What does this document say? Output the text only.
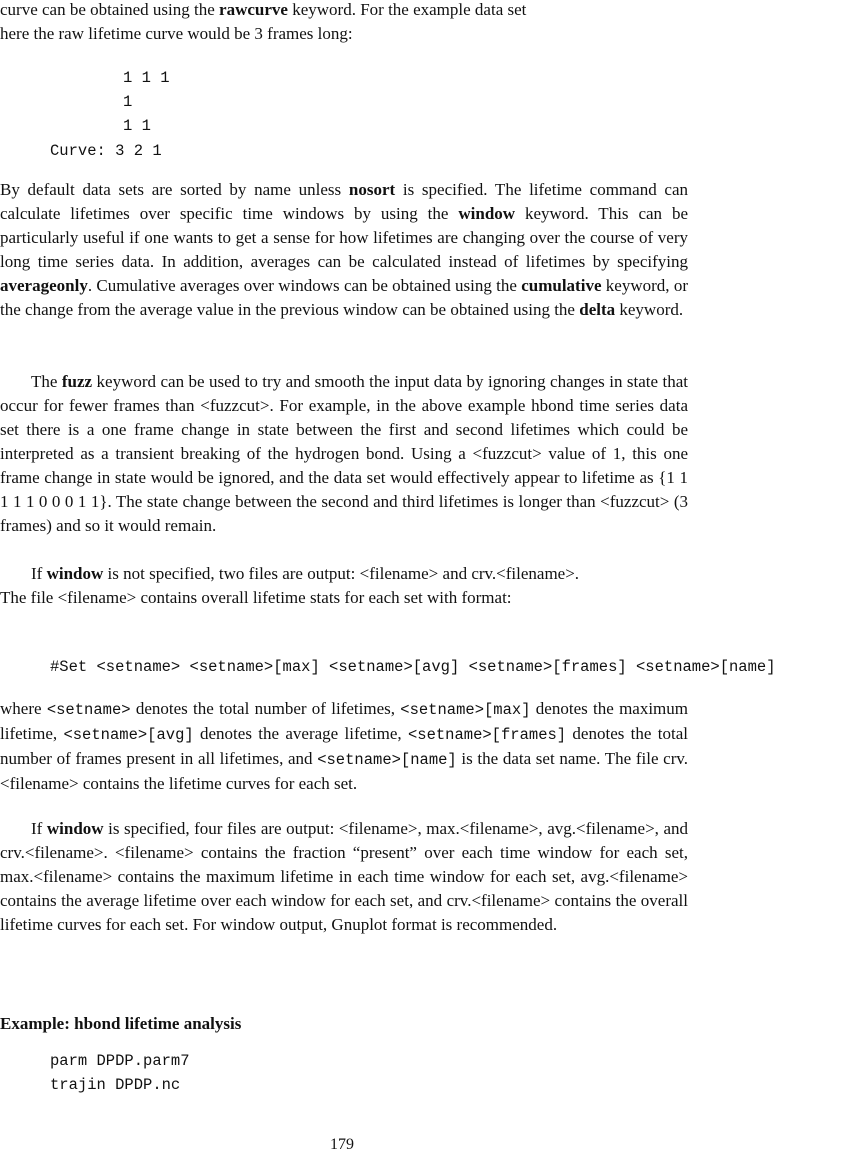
curve can be obtained using the rawcurve keyword. For the example data set
here the raw lifetime curve would be 3 frames long:
1 1 1
1
1 1
Curve: 3 2 1
By default data sets are sorted by name unless nosort is specified. The lifetime command can calculate lifetimes over specific time windows by using the window keyword. This can be particularly useful if one wants to get a sense for how lifetimes are changing over the course of very long time series data. In addition, averages can be calculated instead of lifetimes by specifying averageonly. Cumulative averages over windows can be obtained using the cumulative keyword, or the change from the average value in the previous window can be obtained using the delta keyword.
The fuzz keyword can be used to try and smooth the input data by ignoring changes in state that occur for fewer frames than <fuzzcut>. For example, in the above example hbond time series data set there is a one frame change in state between the first and second lifetimes which could be interpreted as a transient breaking of the hydrogen bond. Using a <fuzzcut> value of 1, this one frame change in state would be ignored, and the data set would effectively appear to lifetime as {1 1 1 1 1 0 0 0 1 1}. The state change between the second and third lifetimes is longer than <fuzzcut> (3 frames) and so it would remain.
If window is not specified, two files are output: <filename> and crv.<filename>.
The file <filename> contains overall lifetime stats for each set with format:
#Set <setname> <setname>[max] <setname>[avg] <setname>[frames] <setname>[name]
where <setname> denotes the total number of lifetimes, <setname>[max] denotes the maximum lifetime, <setname>[avg] denotes the average lifetime, <setname>[frames] denotes the total number of frames present in all lifetimes, and <setname>[name] is the data set name. The file crv.<filename> contains the lifetime curves for each set.
If window is specified, four files are output: <filename>, max.<filename>, avg.<filename>, and crv.<filename>. <filename> contains the fraction “present” over each time window for each set, max.<filename> contains the maximum lifetime in each time window for each set, avg.<filename> contains the average lifetime over each window for each set, and crv.<filename> contains the overall lifetime curves for each set. For window output, Gnuplot format is recommended.
Example: hbond lifetime analysis
parm DPDP.parm7
trajin DPDP.nc
179
